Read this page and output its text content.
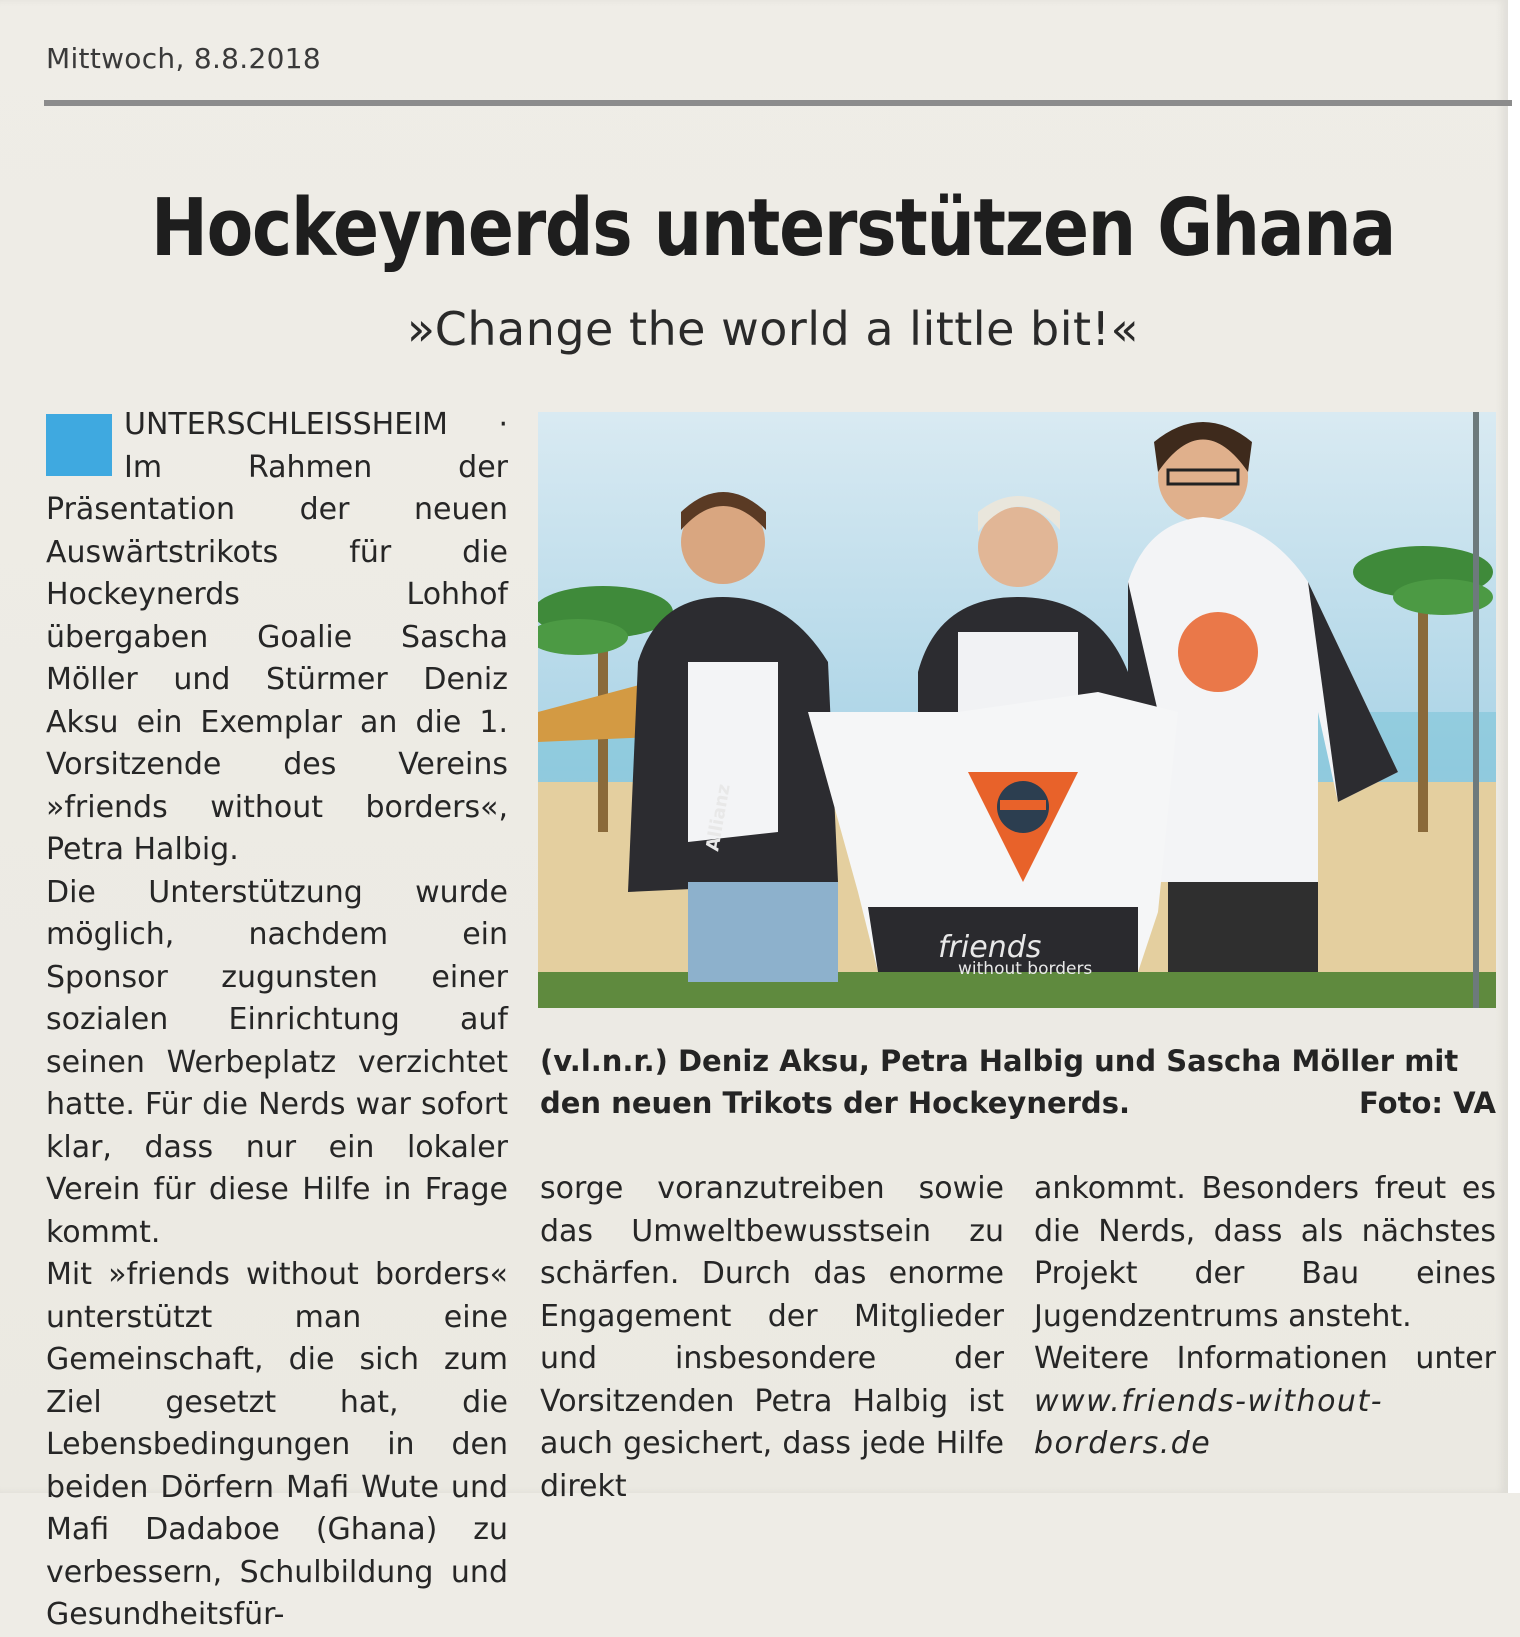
Mittwoch, 8.8.2018
Hockeynerds unterstützen Ghana
»Change the world a little bit!«

UNTERSCHLEISSHEIM · Im Rahmen der Präsentation der neuen Auswärtstrikots für die Hockeynerds Lohhof übergaben Goalie Sascha Möller und Stürmer Deniz Aksu ein Exemplar an die 1. Vorsitzende des Vereins »friends without borders«, Petra Halbig.

Die Unterstützung wurde möglich, nachdem ein Sponsor zugunsten einer sozialen Einrichtung auf seinen Werbeplatz verzichtet hatte. Für die Nerds war sofort klar, dass nur ein lokaler Verein für diese Hilfe in Frage kommt.

Mit »friends without borders« unterstützt man eine Gemeinschaft, die sich zum Ziel gesetzt hat, die Lebensbedingungen in den beiden Dörfern Mafi Wute und Mafi Dadaboe (Ghana) zu verbessern, Schulbildung und Gesundheitsfür-

friends
without borders
Allianz
(v.l.n.r.) Deniz Aksu, Petra Halbig und Sascha Möller mit den neuen Trikots der Hockeynerds.	Foto: VA

sorge voranzutreiben sowie das Umweltbewusstsein zu schärfen. Durch das enorme Engagement der Mitglieder und insbesondere der Vorsitzenden Petra Halbig ist auch gesichert, dass jede Hilfe direkt

ankommt. Besonders freut es die Nerds, dass als nächstes Projekt der Bau eines Jugendzentrums ansteht.

Weitere Informationen unter www.friends-without-borders.de
